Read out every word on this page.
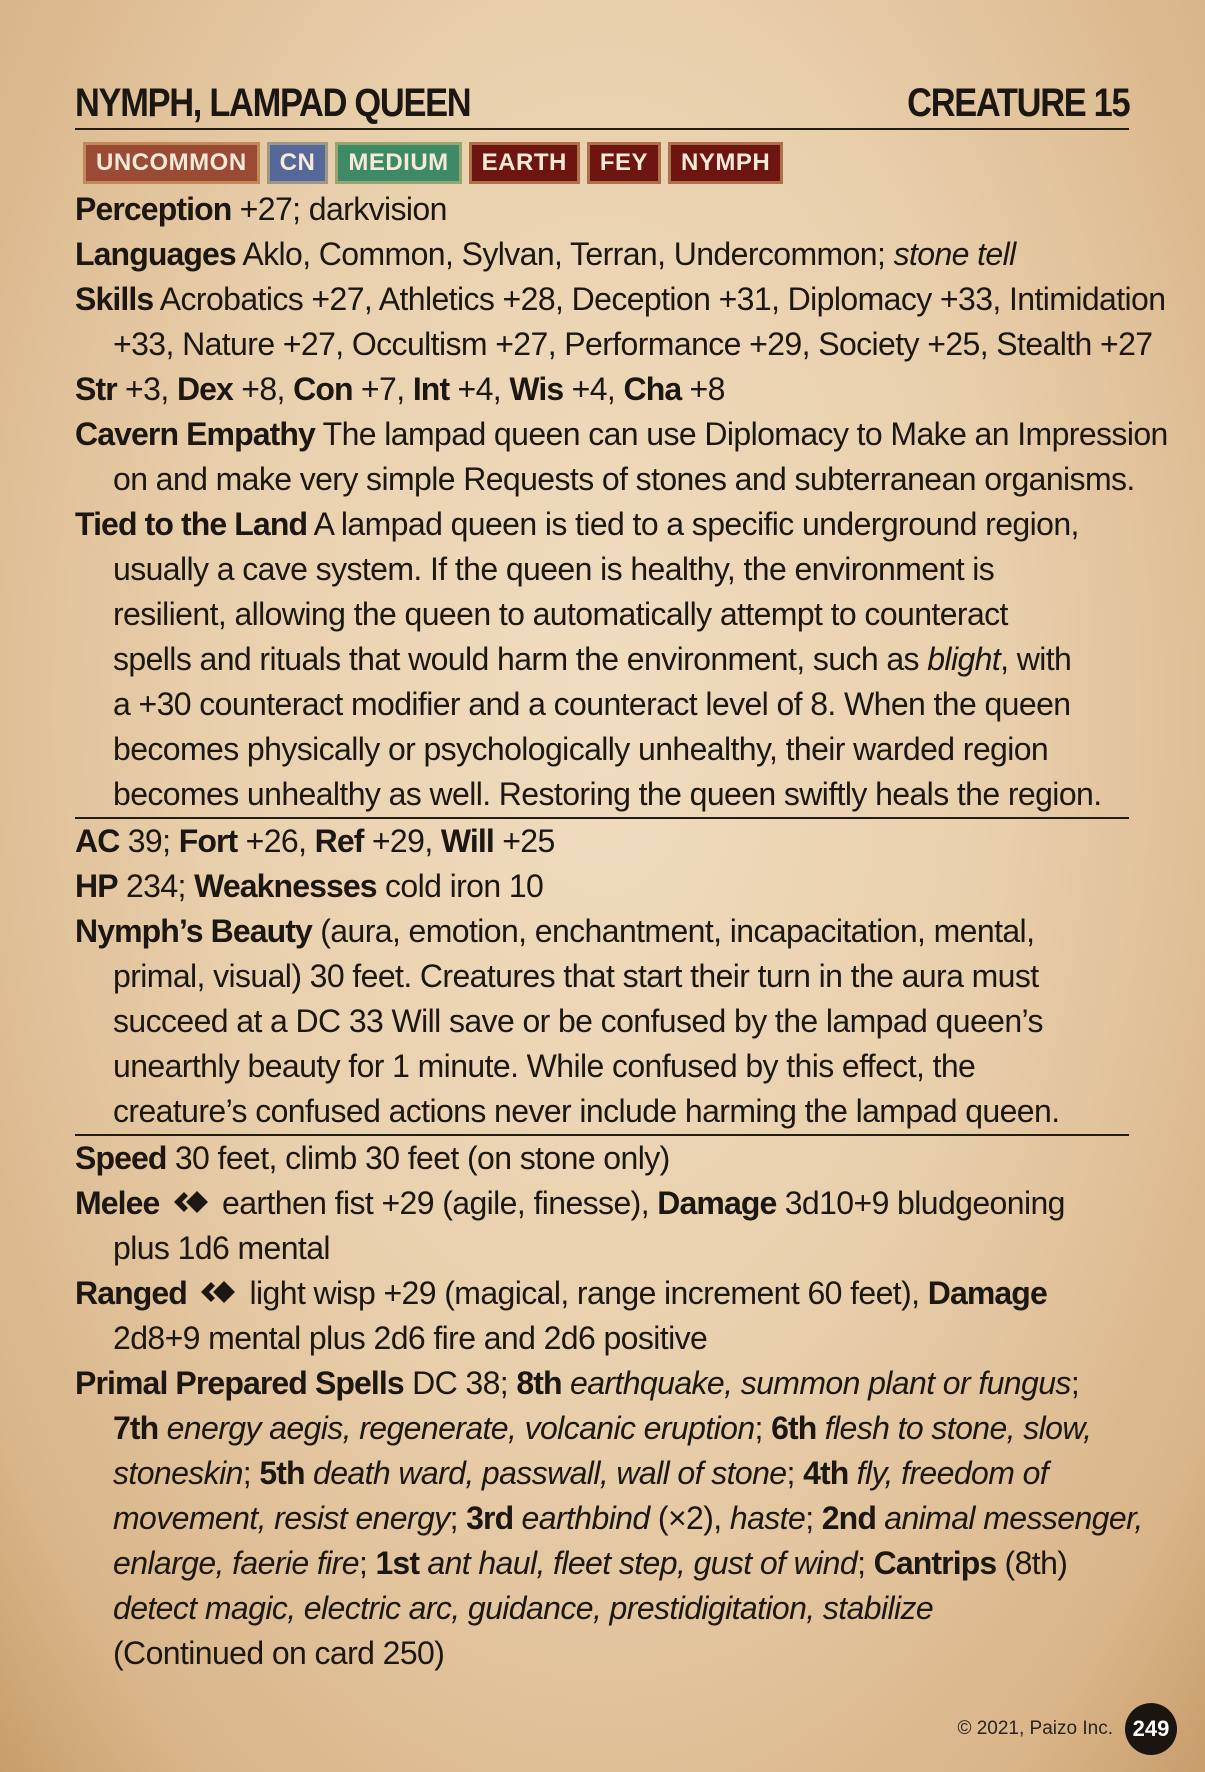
NYMPH, LAMPAD QUEEN	CREATURE 15
UNCOMMON	CN	MEDIUM	EARTH	FEY	NYMPH
Perception +27; darkvision
Languages Aklo, Common, Sylvan, Terran, Undercommon; stone tell
Skills Acrobatics +27, Athletics +28, Deception +31, Diplomacy +33, Intimidation
+33, Nature +27, Occultism +27, Performance +29, Society +25, Stealth +27
Str +3, Dex +8, Con +7, Int +4, Wis +4, Cha +8
Cavern Empathy The lampad queen can use Diplomacy to Make an Impression
on and make very simple Requests of stones and subterranean organisms.
Tied to the Land A lampad queen is tied to a specific underground region,
usually a cave system. If the queen is healthy, the environment is
resilient, allowing the queen to automatically attempt to counteract
spells and rituals that would harm the environment, such as blight, with
a +30 counteract modifier and a counteract level of 8. When the queen
becomes physically or psychologically unhealthy, their warded region
becomes unhealthy as well. Restoring the queen swiftly heals the region.
AC 39; Fort +26, Ref +29, Will +25
HP 234; Weaknesses cold iron 10
Nymph’s Beauty (aura, emotion, enchantment, incapacitation, mental,
primal, visual) 30 feet. Creatures that start their turn in the aura must
succeed at a DC 33 Will save or be confused by the lampad queen’s
unearthly beauty for 1 minute. While confused by this effect, the
creature’s confused actions never include harming the lampad queen.
Speed 30 feet, climb 30 feet (on stone only)
Melee  earthen fist +29 (agile, finesse), Damage 3d10+9 bludgeoning
plus 1d6 mental
Ranged  light wisp +29 (magical, range increment 60 feet), Damage
2d8+9 mental plus 2d6 fire and 2d6 positive
Primal Prepared Spells DC 38; 8th earthquake, summon plant or fungus;
7th energy aegis, regenerate, volcanic eruption; 6th flesh to stone, slow,
stoneskin; 5th death ward, passwall, wall of stone; 4th fly, freedom of
movement, resist energy; 3rd earthbind (×2), haste; 2nd animal messenger,
enlarge, faerie fire; 1st ant haul, fleet step, gust of wind; Cantrips (8th)
detect magic, electric arc, guidance, prestidigitation, stabilize
(Continued on card 250)
© 2021, Paizo Inc. 249
